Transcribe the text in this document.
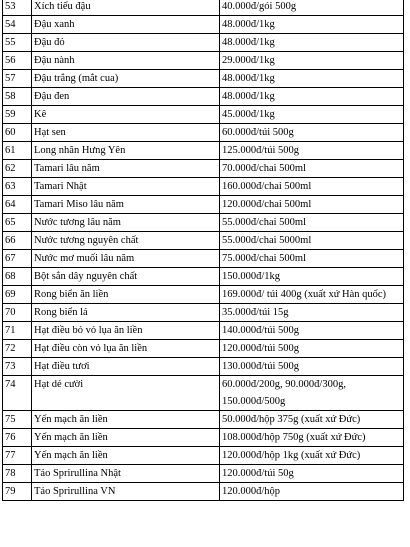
53	Xích tiểu đậu	40.000đ/gói 500g
54	Đậu xanh	48.000đ/1kg
55	Đậu đỏ	48.000đ/1kg
56	Đậu nành	29.000đ/1kg
57	Đậu trắng (mắt cua)	48.000đ/1kg
58	Đậu đen	48.000đ/1kg
59	Kê	45.000đ/1kg
60	Hạt sen	60.000đ/túi 500g
61	Long nhãn Hưng Yên	125.000đ/túi 500g
62	Tamari lâu năm	70.000đ/chai 500ml
63	Tamari Nhật	160.000đ/chai 500ml
64	Tamari Miso lâu năm	120.000đ/chai 500ml
65	Nước tương lâu năm	55.000đ/chai 500ml
66	Nước tương nguyên chất	55.000đ/chai 5000ml
67	Nước mơ muối lâu năm	75.000đ/chai 500ml
68	Bột sắn dây nguyên chất	150.000đ/1kg
69	Rong biển ăn liền	169.000đ/ túi 400g (xuất xứ Hàn quốc)
70	Rong biển lá	35.000đ/túi 15g
71	Hạt điều bỏ vỏ lụa ăn liền	140.000đ/túi 500g
72	Hạt điều còn vỏ lụa ăn liền	120.000đ/túi 500g
73	Hạt điều tươi	130.000đ/túi 500g
74	Hạt dẻ cười	60.000đ/200g, 90.000đ/300g,
150.000đ/500g

75	Yến mạch ăn liền	50.000đ/hộp 375g (xuất xứ Đức)
76	Yến mạch ăn liền	108.000đ/hộp 750g (xuất xứ Đức)
77	Yến mạch ăn liền	120.000đ/hộp 1kg (xuất xứ Đức)
78	Tảo Sprirullina Nhật	120.000đ/túi 50g
79	Tảo Sprirullina VN	120.000đ/hộp
